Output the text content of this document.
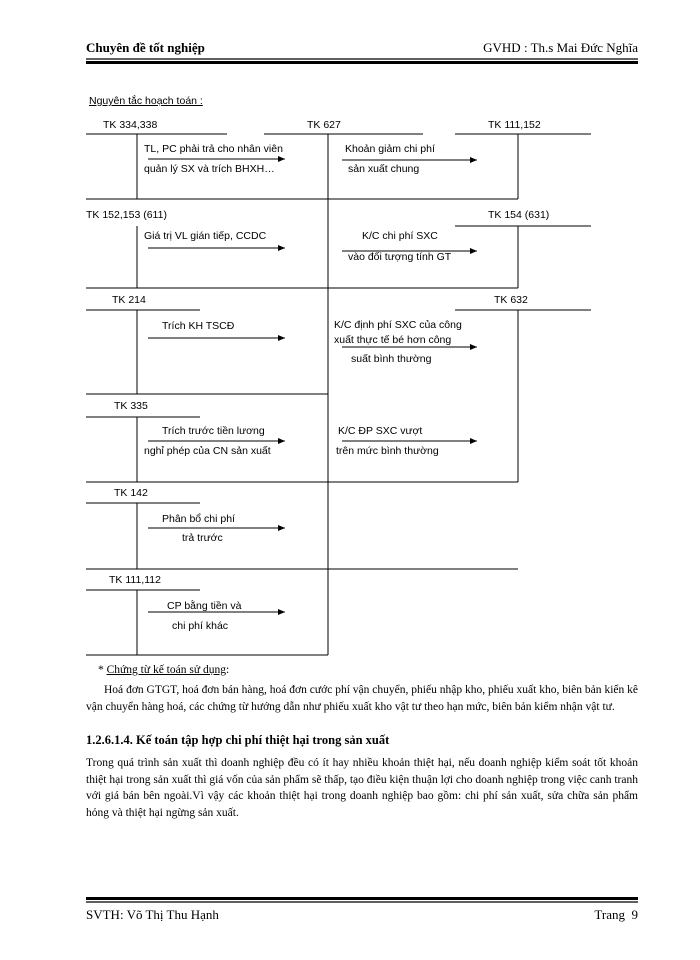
Chuyên đề tốt nghiệp	GVHD : Th.s Mai Đức Nghĩa
Nguyên tắc hoạch toán :
TK 334,338	TK 627	TK 111,152
TK 152,153 (611)	TK 154 (631)
TK 214	TK 632
TK 335
TK 142
TK 111,112
TL, PC phải trả cho nhân viên
quản lý SX và trích BHXH…
Giá trị VL gián tiếp, CCDC
Trích KH TSCĐ
Trích trước tiền lương
nghỉ phép của CN sản xuất
Phân bổ chi phí
trả trước
CP bằng tiền và
chi phí khác
Khoản giảm chi phí
sản xuất chung
K/C chi phí SXC
vào đối tượng tính GT
K/C định phí SXC của công
xuất thực tế bé hơn công
suất bình thường
K/C ĐP SXC vượt
trên mức bình thường
* Chứng từ kế toán sử dụng:
Hoá đơn GTGT, hoá đơn bán hàng, hoá đơn cước phí vận chuyển, phiếu nhập kho, phiếu xuất kho, biên bản kiển kê vận chuyển hàng hoá, các chứng từ hướng dẫn như phiếu xuất kho vật tư theo hạn mức, biên bản kiểm nhận vật tư.
1.2.6.1.4. Kế toán tập hợp chi phí thiệt hại trong sản xuất
Trong quá trình sản xuất thì doanh nghiệp đều có ít hay nhiều khoản thiệt hại, nếu doanh nghiệp kiểm soát tốt khoản thiệt hại trong sản xuất thì giá vốn của sản phẩm sẽ thấp, tạo điều kiện thuận lợi cho doanh nghiệp trong việc canh tranh với giá bán bên ngoài.Vì vậy các khoản thiệt hại trong doanh nghiệp bao gồm: chi phí sản xuất, sửa chữa sản phẩm hỏng và thiệt hại ngừng sản xuất.
SVTH: Võ Thị Thu Hạnh	Trang 9
